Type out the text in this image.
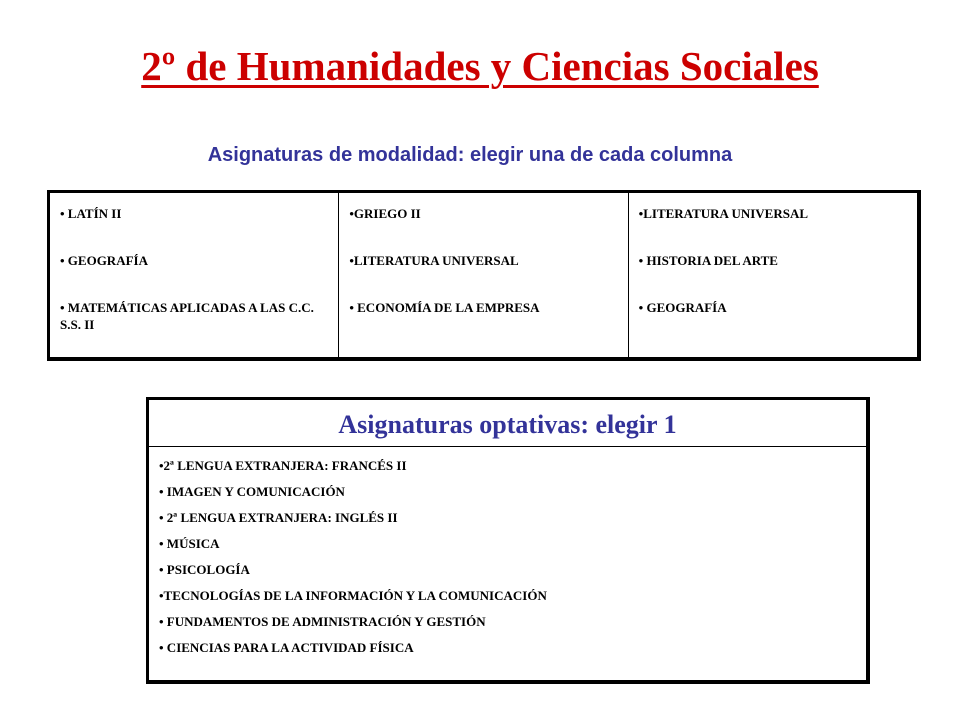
2º de Humanidades y Ciencias Sociales
Asignaturas de modalidad: elegir una de cada columna

• LATÍN II

• GEOGRAFÍA

• MATEMÁTICAS APLICADAS A LAS C.C. S.S. II

•GRIEGO II

•LITERATURA UNIVERSAL

• ECONOMÍA DE LA EMPRESA

•LITERATURA UNIVERSAL

• HISTORIA DEL ARTE

• GEOGRAFÍA

Asignaturas optativas: elegir 1
•2ª LENGUA EXTRANJERA: FRANCÉS II
• IMAGEN Y COMUNICACIÓN
• 2ª LENGUA EXTRANJERA: INGLÉS II
• MÚSICA
• PSICOLOGÍA
•TECNOLOGÍAS DE LA INFORMACIÓN Y LA COMUNICACIÓN
• FUNDAMENTOS DE ADMINISTRACIÓN Y GESTIÓN
• CIENCIAS PARA LA ACTIVIDAD FÍSICA
